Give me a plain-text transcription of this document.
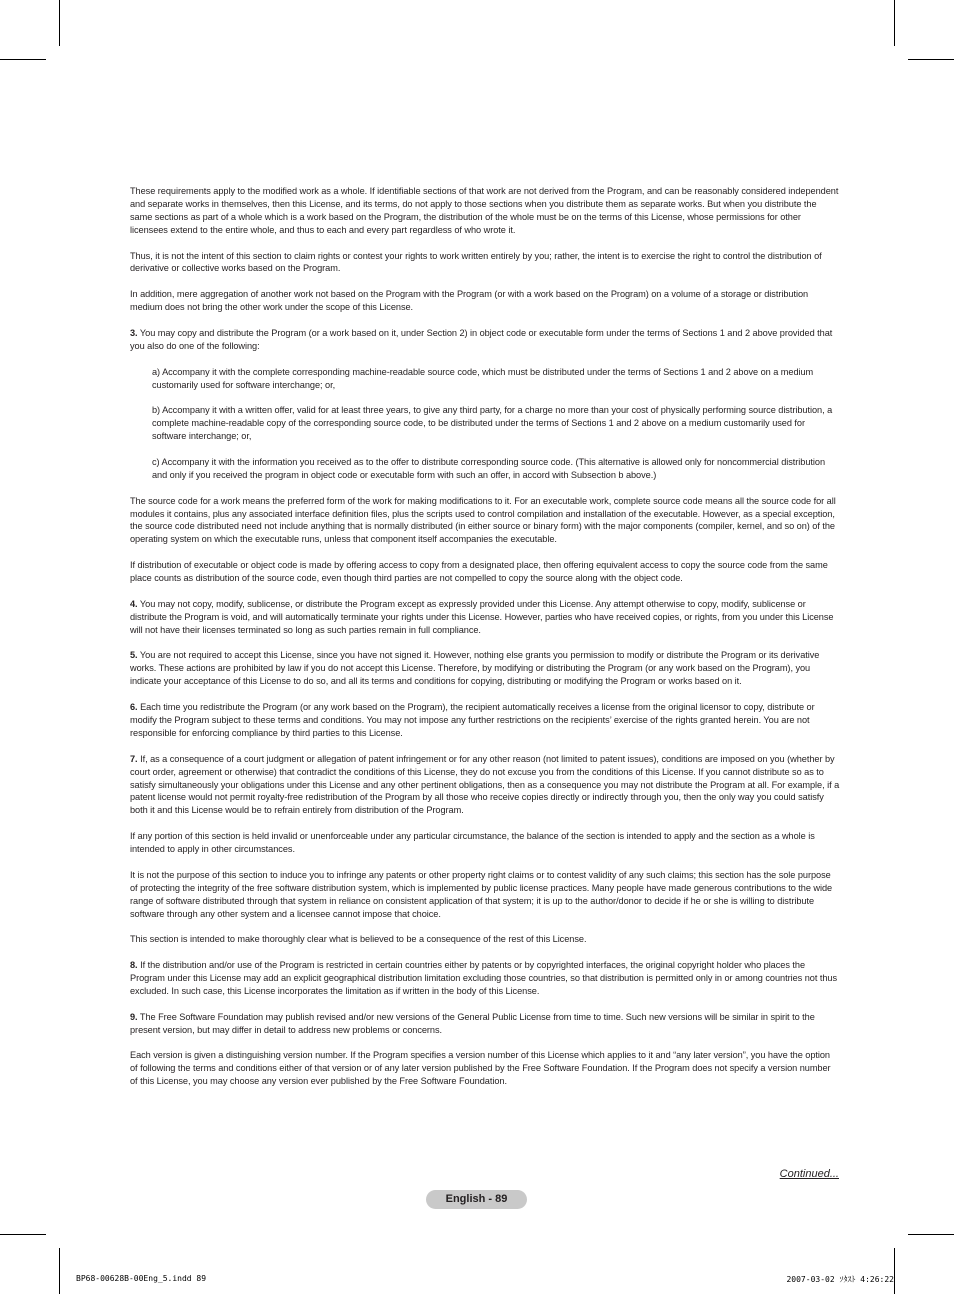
These requirements apply to the modified work as a whole. If identifiable sections of that work are not derived from the Program, and can be reasonably considered independent and separate works in themselves, then this License, and its terms, do not apply to those sections when you distribute them as separate works. But when you distribute the same sections as part of a whole which is a work based on the Program, the distribution of the whole must be on the terms of this License, whose permissions for other licensees extend to the entire whole, and thus to each and every part regardless of who wrote it.

Thus, it is not the intent of this section to claim rights or contest your rights to work written entirely by you; rather, the intent is to exercise the right to control the distribution of derivative or collective works based on the Program.

In addition, mere aggregation of another work not based on the Program with the Program (or with a work based on the Program) on a volume of a storage or distribution medium does not bring the other work under the scope of this License.

3. You may copy and distribute the Program (or a work based on it, under Section 2) in object code or executable form under the terms of Sections 1 and 2 above provided that you also do one of the following:

a) Accompany it with the complete corresponding machine-readable source code, which must be distributed under the terms of Sections 1 and 2 above on a medium customarily used for software interchange; or,

b) Accompany it with a written offer, valid for at least three years, to give any third party, for a charge no more than your cost of physically performing source distribution, a complete machine-readable copy of the corresponding source code, to be distributed under the terms of Sections 1 and 2 above on a medium customarily used for software interchange; or,

c) Accompany it with the information you received as to the offer to distribute corresponding source code. (This alternative is allowed only for noncommercial distribution and only if you received the program in object code or executable form with such an offer, in accord with Subsection b above.)

The source code for a work means the preferred form of the work for making modifications to it. For an executable work, complete source code means all the source code for all modules it contains, plus any associated interface definition files, plus the scripts used to control compilation and installation of the executable. However, as a special exception, the source code distributed need not include anything that is normally distributed (in either source or binary form) with the major components (compiler, kernel, and so on) of the operating system on which the executable runs, unless that component itself accompanies the executable.

If distribution of executable or object code is made by offering access to copy from a designated place, then offering equivalent access to copy the source code from the same place counts as distribution of the source code, even though third parties are not compelled to copy the source along with the object code.

4. You may not copy, modify, sublicense, or distribute the Program except as expressly provided under this License. Any attempt otherwise to copy, modify, sublicense or distribute the Program is void, and will automatically terminate your rights under this License. However, parties who have received copies, or rights, from you under this License will not have their licenses terminated so long as such parties remain in full compliance.

5. You are not required to accept this License, since you have not signed it. However, nothing else grants you permission to modify or distribute the Program or its derivative works. These actions are prohibited by law if you do not accept this License. Therefore, by modifying or distributing the Program (or any work based on the Program), you indicate your acceptance of this License to do so, and all its terms and conditions for copying, distributing or modifying the Program or works based on it.

6. Each time you redistribute the Program (or any work based on the Program), the recipient automatically receives a license from the original licensor to copy, distribute or modify the Program subject to these terms and conditions. You may not impose any further restrictions on the recipients’ exercise of the rights granted herein. You are not responsible for enforcing compliance by third parties to this License.

7. If, as a consequence of a court judgment or allegation of patent infringement or for any other reason (not limited to patent issues), conditions are imposed on you (whether by court order, agreement or otherwise) that contradict the conditions of this License, they do not excuse you from the conditions of this License. If you cannot distribute so as to satisfy simultaneously your obligations under this License and any other pertinent obligations, then as a consequence you may not distribute the Program at all. For example, if a patent license would not permit royalty-free redistribution of the Program by all those who receive copies directly or indirectly through you, then the only way you could satisfy both it and this License would be to refrain entirely from distribution of the Program.

If any portion of this section is held invalid or unenforceable under any particular circumstance, the balance of the section is intended to apply and the section as a whole is intended to apply in other circumstances.

It is not the purpose of this section to induce you to infringe any patents or other property right claims or to contest validity of any such claims; this section has the sole purpose of protecting the integrity of the free software distribution system, which is implemented by public license practices. Many people have made generous contributions to the wide range of software distributed through that system in reliance on consistent application of that system; it is up to the author/donor to decide if he or she is willing to distribute software through any other system and a licensee cannot impose that choice.

This section is intended to make thoroughly clear what is believed to be a consequence of the rest of this License.

8. If the distribution and/or use of the Program is restricted in certain countries either by patents or by copyrighted interfaces, the original copyright holder who places the Program under this License may add an explicit geographical distribution limitation excluding those countries, so that distribution is permitted only in or among countries not thus excluded. In such case, this License incorporates the limitation as if written in the body of this License.

9. The Free Software Foundation may publish revised and/or new versions of the General Public License from time to time. Such new versions will be similar in spirit to the present version, but may differ in detail to address new problems or concerns.

Each version is given a distinguishing version number. If the Program specifies a version number of this License which applies to it and “any later version”, you have the option of following the terms and conditions either of that version or of any later version published by the Free Software Foundation. If the Program does not specify a version number of this License, you may choose any version ever published by the Free Software Foundation.

Continued...
English - 89
BP68-00628B-00Eng_5.indd 89	2007-03-02 ｿﾀｽﾄ 4:26:22
